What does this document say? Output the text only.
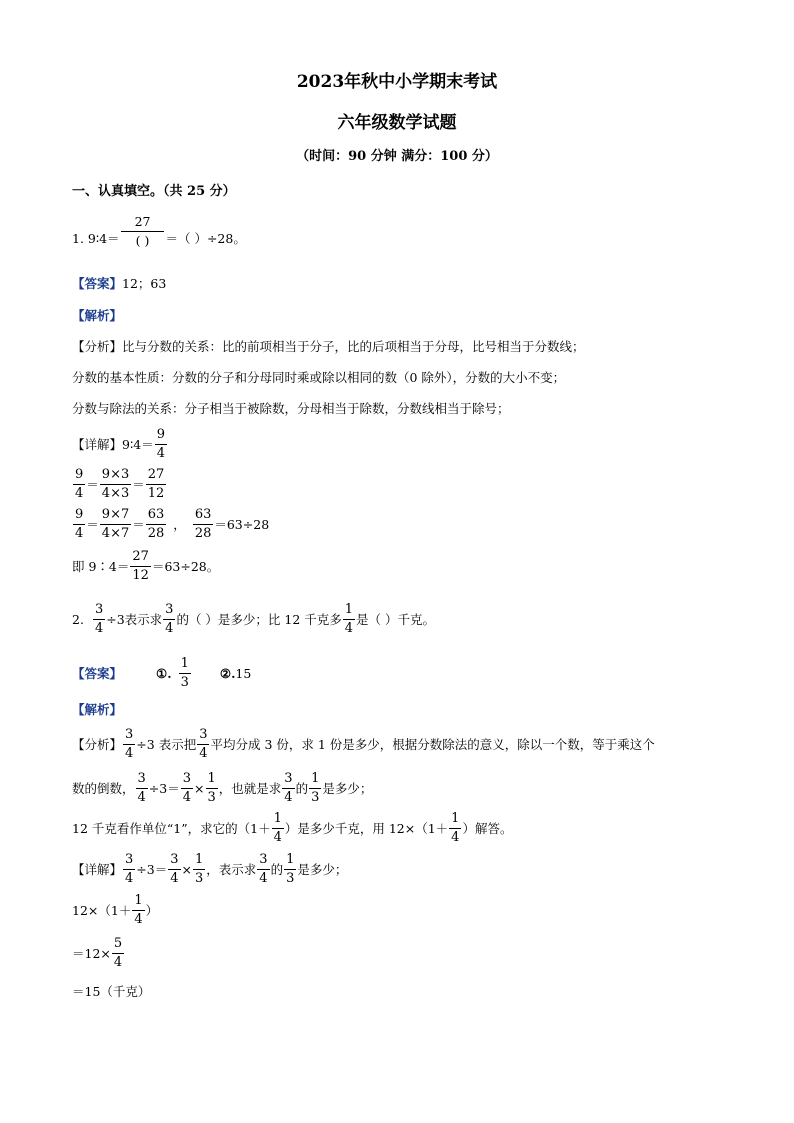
2023年秋中小学期末考试
六年级数学试题
（时间：90 分钟 满分：100 分）
一、认真填空。（共 25 分）
1. 9∶4＝
27
( ) ＝（ ）÷28。
【答案】12；63
【解析】
【分析】比与分数的关系：比的前项相当于分子，比的后项相当于分母，比号相当于分数线；
分数的基本性质：分数的分子和分母同时乘或除以相同的数（0 除外），分数的大小不变；
分数与除法的关系：分子相当于被除数，分母相当于除数，分数线相当于除号；
【详解】 9∶4＝ $\frac{9}{4}$
$\frac{9}{4} = \frac{9\times 3}{4\times 3} = \frac{27}{12}$
$\frac{9}{4} = \frac{9\times 7}{4\times 7} = \frac{63}{28}$ ， $\frac{63}{28} =63\div 28$
即 9∶4＝ $\frac{27}{12} =63\div 28$。
2. $\frac{3}{4} \div 3$表示求 $\frac{3}{4}$ 的（ ）是多少；比 12 千克多 $\frac{1}{4}$ 是（ ）千克。
【答案】	①. $\frac{1}{3}$ ②. 15
【解析】
【分析】 $\frac{3}{4} \div 3$ 表示把 $\frac{3}{4}$ 平均分成 3 份，求 1 份是多少，根据分数除法的意义，除以一个数，等于乘这个
数的倒数， $\frac{3}{4} \div 3= \frac{3}{4} \times \frac{1}{3}$ ，也就是求 $\frac{3}{4}$ 的 $\frac{1}{3}$ 是多少；
12 千克看作单位“1”，求它的（$1+ \frac{1}{4}$ ）是多少千克，用 $12\times(1+ \frac{1}{4}$ ）解答。
【详解】 $\frac{3}{4} \div 3= \frac{3}{4} \times \frac{1}{3}$ ，表示求 $\frac{3}{4}$ 的 $\frac{1}{3}$ 是多少；
$12\times(1+ \frac{1}{4}$ ）
$=12\times \frac{5}{4}$
＝15（千克）
